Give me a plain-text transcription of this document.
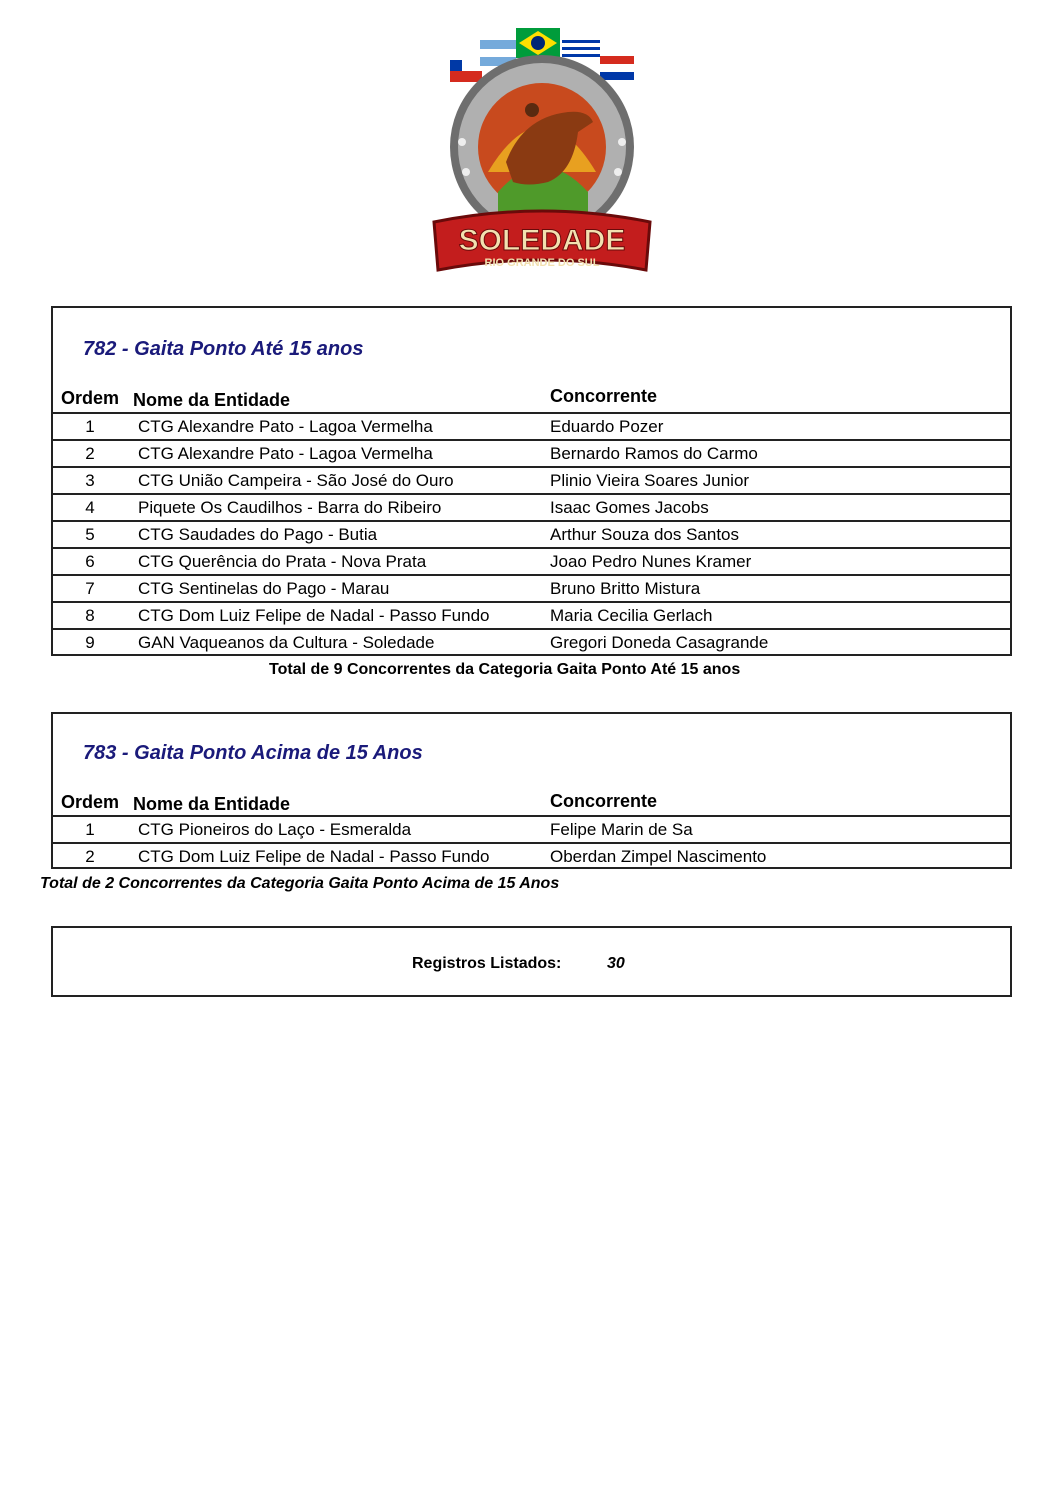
SOLEDADE
RIO GRANDE DO SUL
782 - Gaita Ponto Até 15 anos
Ordem Nome da Entidade	Concorrente
1	CTG Alexandre Pato - Lagoa Vermelha	Eduardo Pozer
2	CTG Alexandre Pato - Lagoa Vermelha	Bernardo Ramos do Carmo
3	CTG União Campeira - São José do Ouro	Plinio Vieira Soares Junior
4	Piquete Os Caudilhos - Barra do Ribeiro	Isaac Gomes Jacobs
5	CTG Saudades do Pago - Butia	Arthur Souza dos Santos
6	CTG Querência do Prata - Nova Prata	Joao Pedro Nunes Kramer
7	CTG Sentinelas do Pago - Marau	Bruno Britto Mistura
8	CTG Dom Luiz Felipe de Nadal - Passo Fundo	Maria Cecilia Gerlach
9	GAN Vaqueanos da Cultura - Soledade	Gregori Doneda Casagrande
Total de 9 Concorrentes da Categoria Gaita Ponto Até 15 anos
783 - Gaita Ponto Acima de 15 Anos
Ordem Nome da Entidade	Concorrente
1	CTG Pioneiros do Laço - Esmeralda	Felipe Marin de Sa
2	CTG Dom Luiz Felipe de Nadal - Passo Fundo	Oberdan Zimpel Nascimento
Total de 2 Concorrentes da Categoria Gaita Ponto Acima de 15 Anos
Registros Listados:	30
